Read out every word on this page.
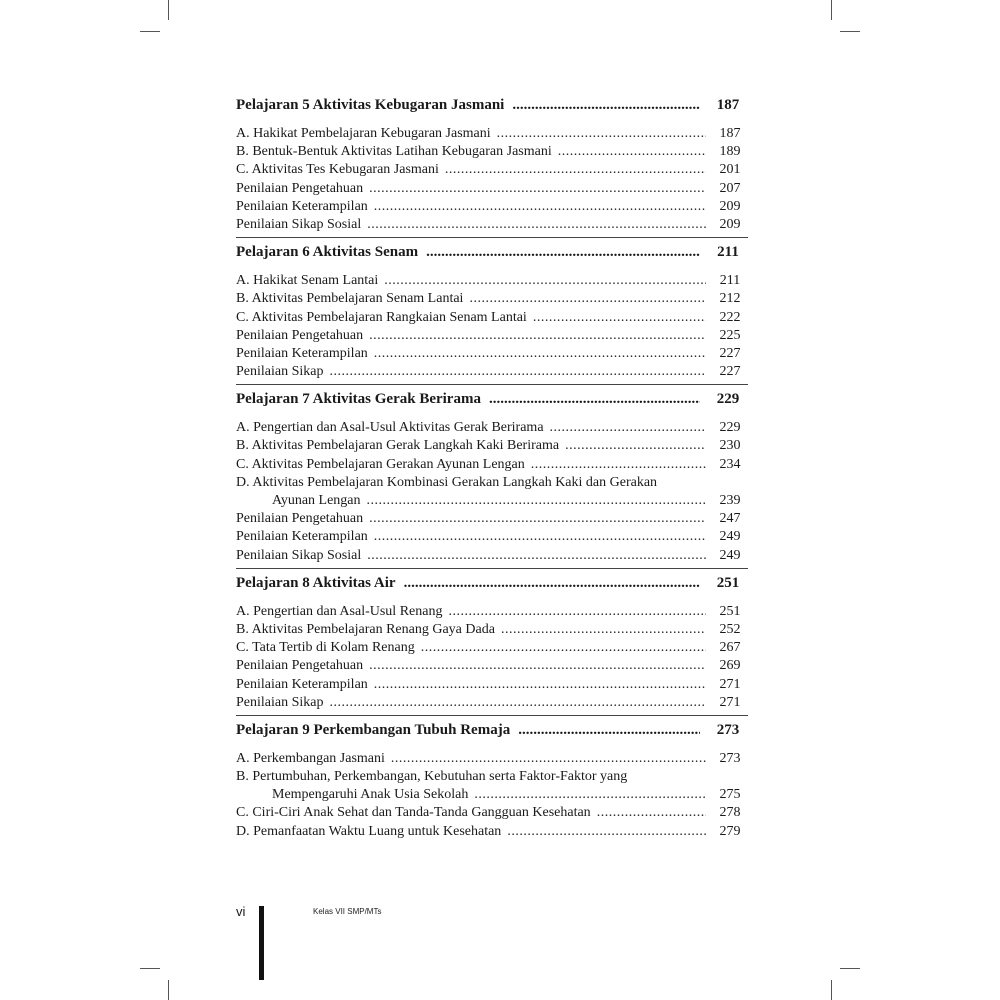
Pelajaran 5 Aktivitas Kebugaran Jasmani .....	187
A. Hakikat Pembelajaran Kebugaran Jasmani .....	187
B. Bentuk-Bentuk Aktivitas Latihan Kebugaran Jasmani .....	189
C. Aktivitas Tes Kebugaran Jasmani .....	201
Penilaian Pengetahuan .....	207
Penilaian Keterampilan .....	209
Penilaian Sikap Sosial .....	209
Pelajaran 6 Aktivitas Senam .....	211
A. Hakikat Senam Lantai .....	211
B. Aktivitas Pembelajaran Senam Lantai .....	212
C. Aktivitas Pembelajaran Rangkaian Senam Lantai .....	222
Penilaian Pengetahuan .....	225
Penilaian Keterampilan .....	227
Penilaian Sikap .....	227
Pelajaran 7 Aktivitas Gerak Berirama .....	229
A. Pengertian dan Asal-Usul Aktivitas Gerak Berirama .....	229
B. Aktivitas Pembelajaran Gerak Langkah Kaki Berirama .....	230
C. Aktivitas Pembelajaran Gerakan Ayunan Lengan .....	234
D. Aktivitas Pembelajaran Kombinasi Gerakan Langkah Kaki dan Gerakan
Ayunan Lengan .....	239
Penilaian Pengetahuan .....	247
Penilaian Keterampilan .....	249
Penilaian Sikap Sosial .....	249
Pelajaran 8 Aktivitas Air .....	251
A. Pengertian dan Asal-Usul Renang .....	251
B. Aktivitas Pembelajaran Renang Gaya Dada .....	252
C. Tata Tertib di Kolam Renang .....	267
Penilaian Pengetahuan .....	269
Penilaian Keterampilan .....	271
Penilaian Sikap .....	271
Pelajaran 9 Perkembangan Tubuh Remaja .....	273
A. Perkembangan Jasmani .....	273
B. Pertumbuhan, Perkembangan, Kebutuhan serta Faktor-Faktor yang
Mempengaruhi Anak Usia Sekolah .....	275
C. Ciri-Ciri Anak Sehat dan Tanda-Tanda Gangguan Kesehatan .....	278
D. Pemanfaatan Waktu Luang untuk Kesehatan .....	279
vi	Kelas VII SMP/MTs
